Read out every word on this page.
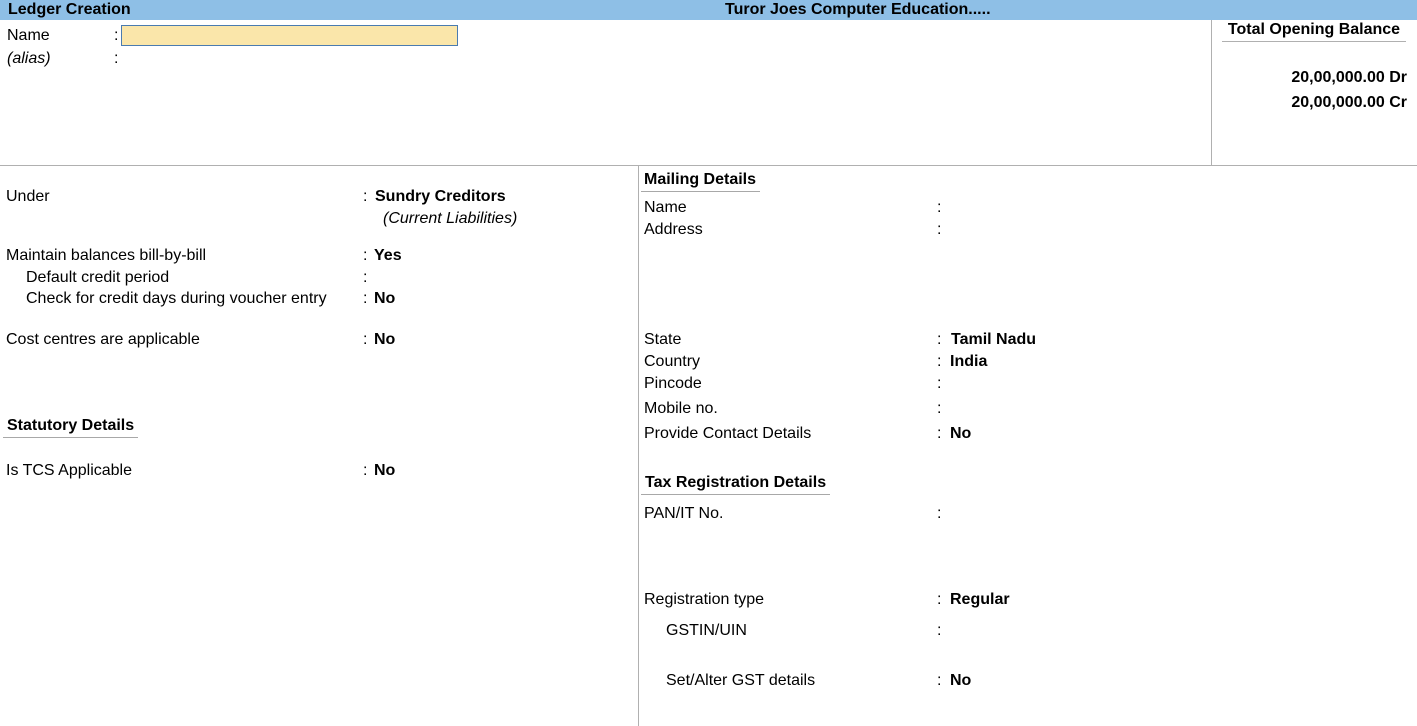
Ledger Creation	Turor Joes Computer Education.....
Name	:
(alias)	:
Total Opening Balance
20,00,000.00 Dr
20,00,000.00 Cr
Under	: Sundry Creditors
(Current Liabilities)
Maintain balances bill-by-bill	: Yes
Default credit period	:
Check for credit days during voucher entry : No
Cost centres are applicable	: No
Statutory Details
Is TCS Applicable	: No
Mailing Details
Name	:
Address	:
State	: Tamil Nadu
Country	: India
Pincode	:
Mobile no.	:
Provide Contact Details	: No
Tax Registration Details
PAN/IT No.	:
Registration type	: Regular
GSTIN/UIN	:
Set/Alter GST details	: No
